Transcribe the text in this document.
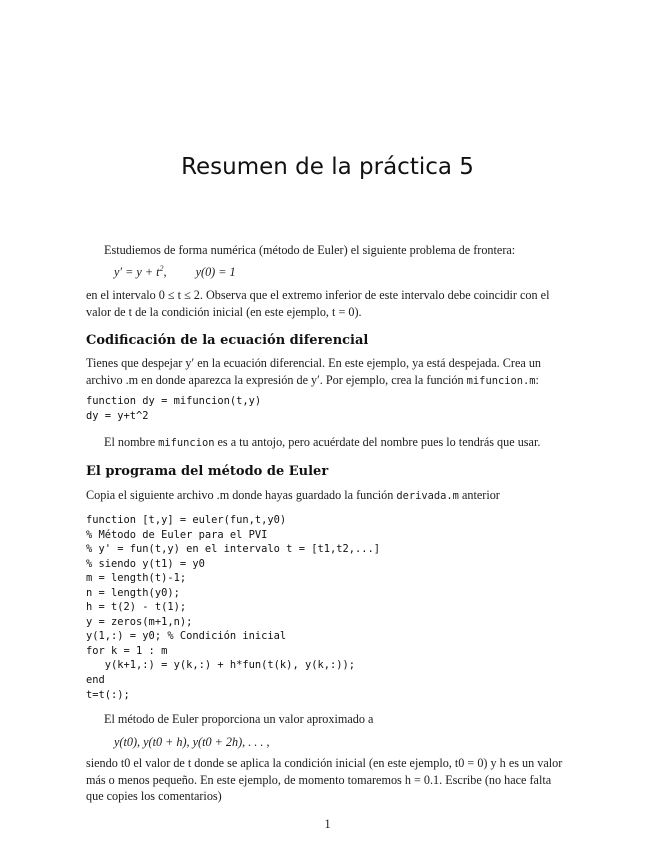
Resumen de la práctica 5
Estudiemos de forma numérica (método de Euler) el siguiente problema de frontera:
$y' = y + t^2$, y(0) = 1
en el intervalo 0 ≤ t ≤ 2. Observa que el extremo inferior de este intervalo debe coincidir con el valor de t de la condición inicial (en este ejemplo, t = 0).
Codificación de la ecuación diferencial
Tienes que despejar y′ en la ecuación diferencial. En este ejemplo, ya está despejada. Crea un archivo .m en donde aparezca la expresión de y′. Por ejemplo, crea la función mifuncion.m:
function dy = mifuncion(t,y)
dy = y+t^2
El nombre mifuncion es a tu antojo, pero acuérdate del nombre pues lo tendrás que usar.
El programa del método de Euler
Copia el siguiente archivo .m donde hayas guardado la función derivada.m anterior
function [t,y] = euler(fun,t,y0)
% Método de Euler para el PVI
% y' = fun(t,y) en el intervalo t = [t1,t2,...]
% siendo y(t1) = y0
m = length(t)-1;
n = length(y0);
h = t(2) - t(1);
y = zeros(m+1,n);
y(1,:) = y0; % Condición inicial
for k = 1 : m
y(k+1,:) = y(k,:) + h*fun(t(k), y(k,:));
end
t=t(:);
El método de Euler proporciona un valor aproximado a
y(t0), y(t0 + h), y(t0 + 2h), . . . ,
siendo t0 el valor de t donde se aplica la condición inicial (en este ejemplo, t0 = 0) y h es un valor más o menos pequeño. En este ejemplo, de momento tomaremos h = 0.1. Escribe (no hace falta que copies los comentarios)
1
